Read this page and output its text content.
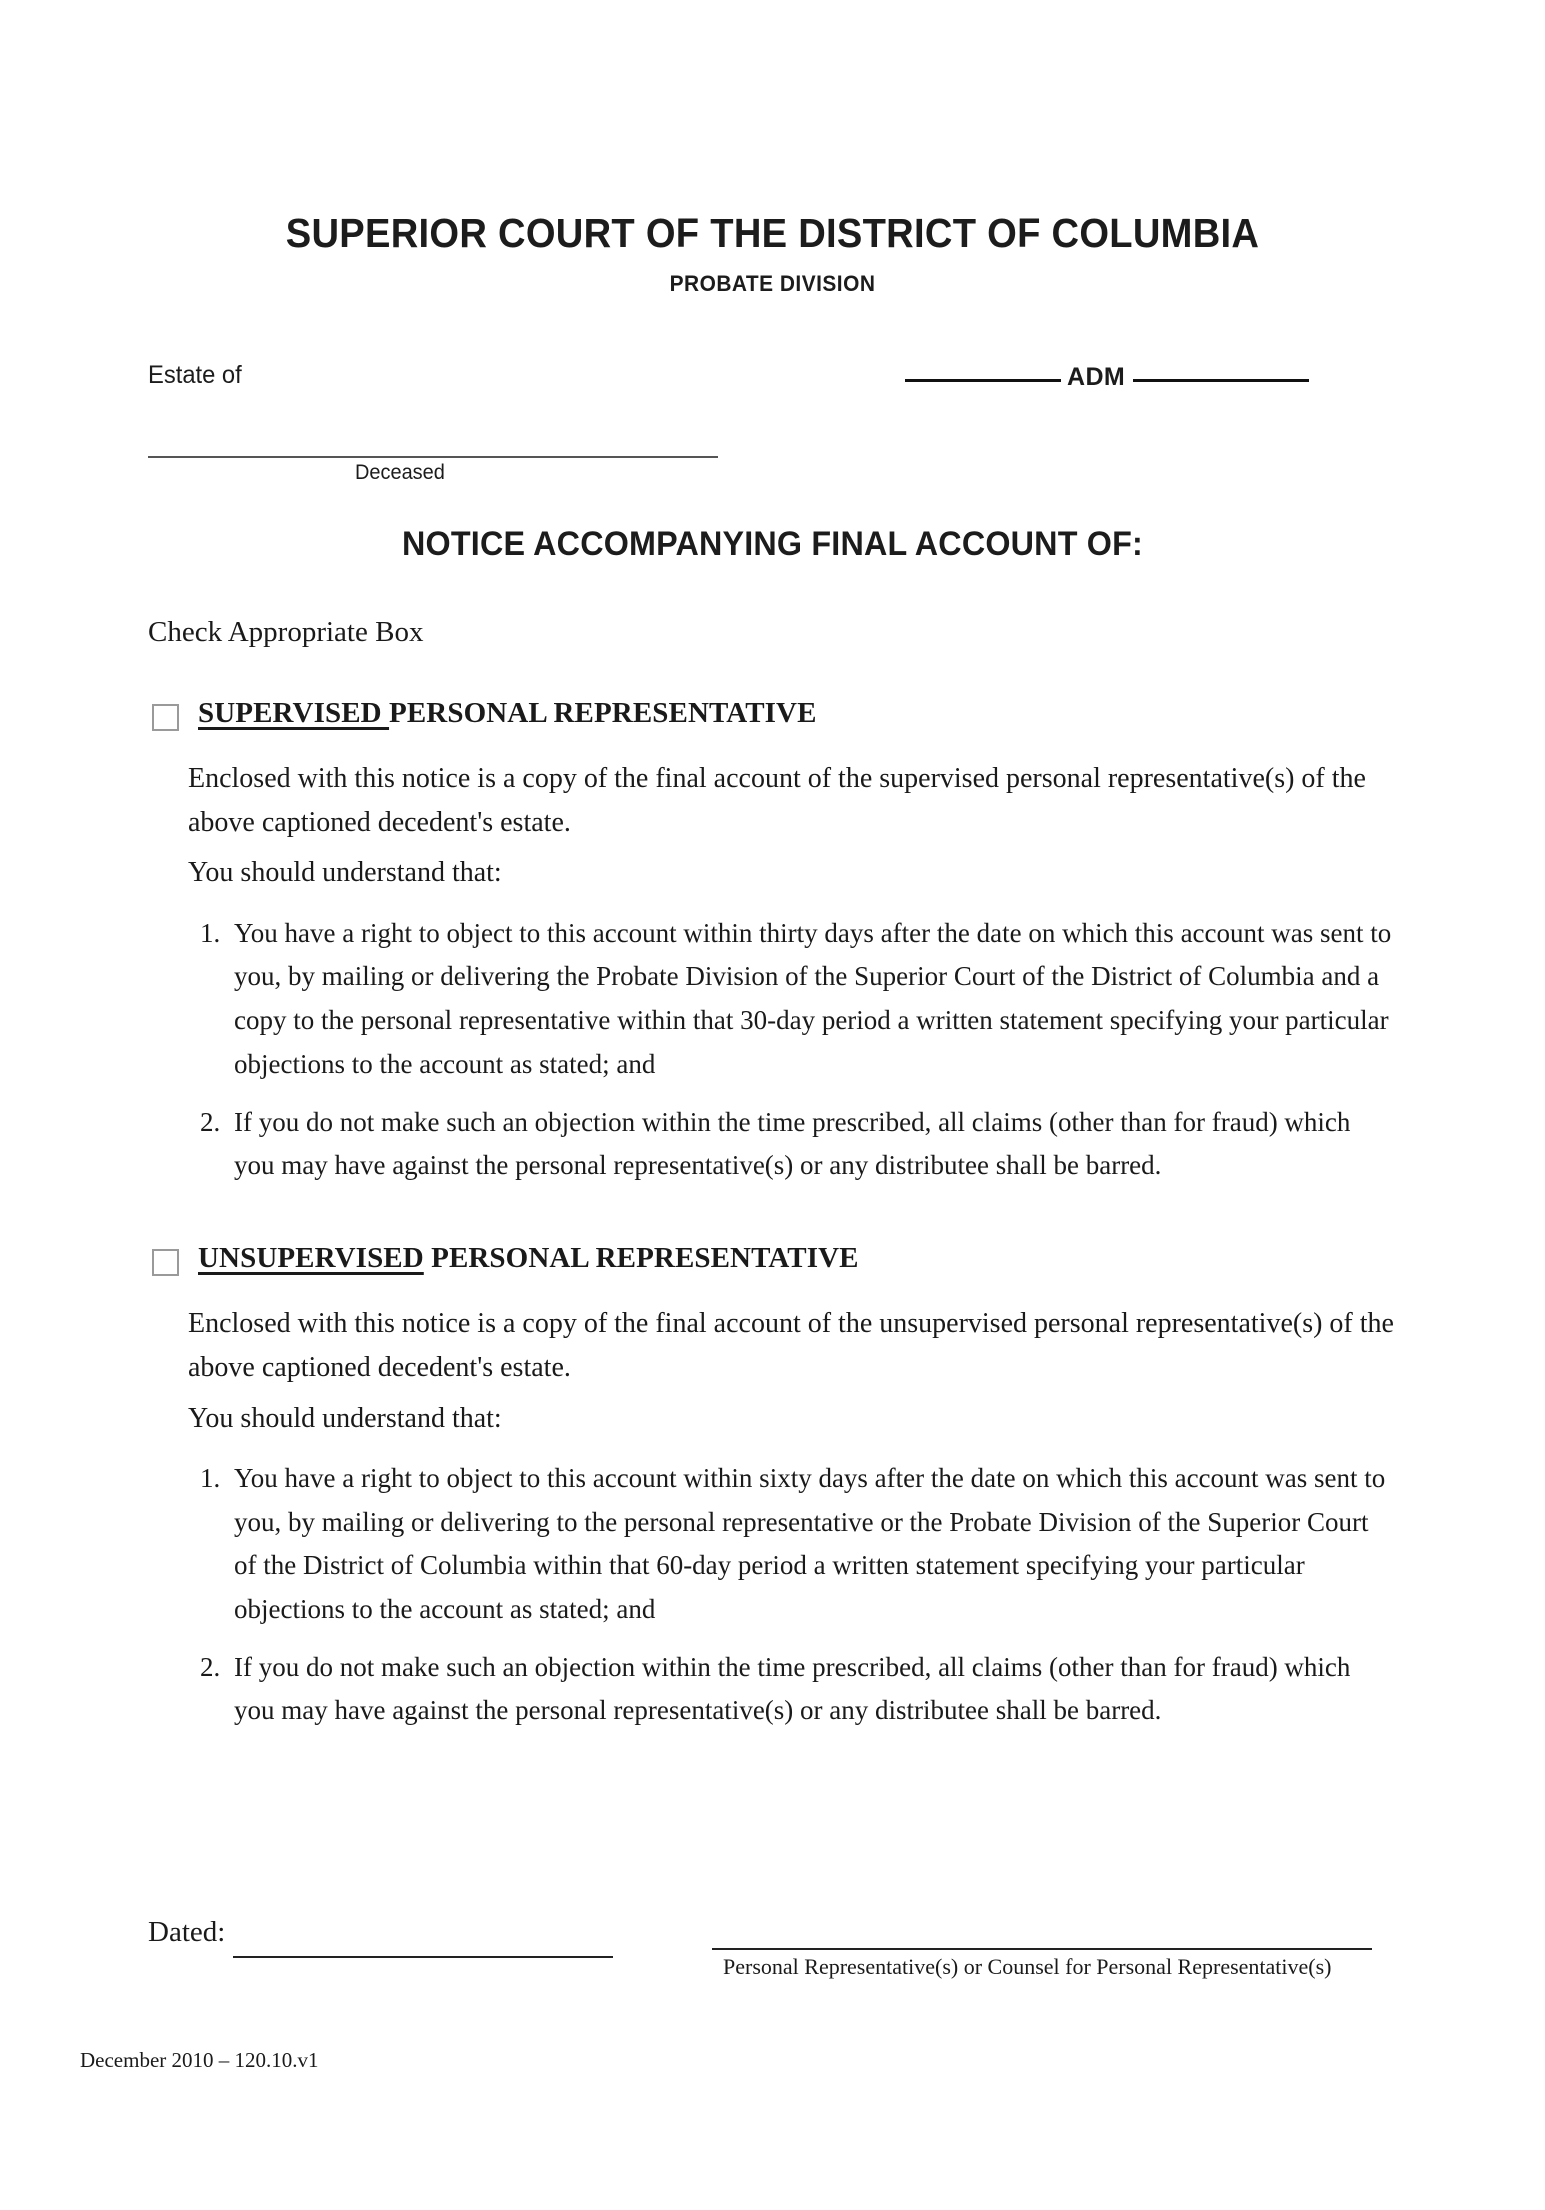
SUPERIOR COURT OF THE DISTRICT OF COLUMBIA
PROBATE DIVISION
Estate of	ADM
Deceased
NOTICE ACCOMPANYING FINAL ACCOUNT OF:
Check Appropriate Box
SUPERVISED PERSONAL REPRESENTATIVE
Enclosed with this notice is a copy of the final account of the supervised personal representative(s) of the above captioned decedent's estate.
You should understand that:
1. You have a right to object to this account within thirty days after the date on which this account was sent to you, by mailing or delivering the Probate Division of the Superior Court of the District of Columbia and a copy to the personal representative within that 30-day period a written statement specifying your particular objections to the account as stated; and
2. If you do not make such an objection within the time prescribed, all claims (other than for fraud) which you may have against the personal representative(s) or any distributee shall be barred.
UNSUPERVISED PERSONAL REPRESENTATIVE
Enclosed with this notice is a copy of the final account of the unsupervised personal representative(s) of the above captioned decedent's estate.
You should understand that:
1. You have a right to object to this account within sixty days after the date on which this account was sent to you, by mailing or delivering to the personal representative or the Probate Division of the Superior Court of the District of Columbia within that 60-day period a written statement specifying your particular objections to the account as stated; and
2. If you do not make such an objection within the time prescribed, all claims (other than for fraud) which you may have against the personal representative(s) or any distributee shall be barred.
Dated:
Personal Representative(s) or Counsel for Personal Representative(s)
December 2010 – 120.10.v1
